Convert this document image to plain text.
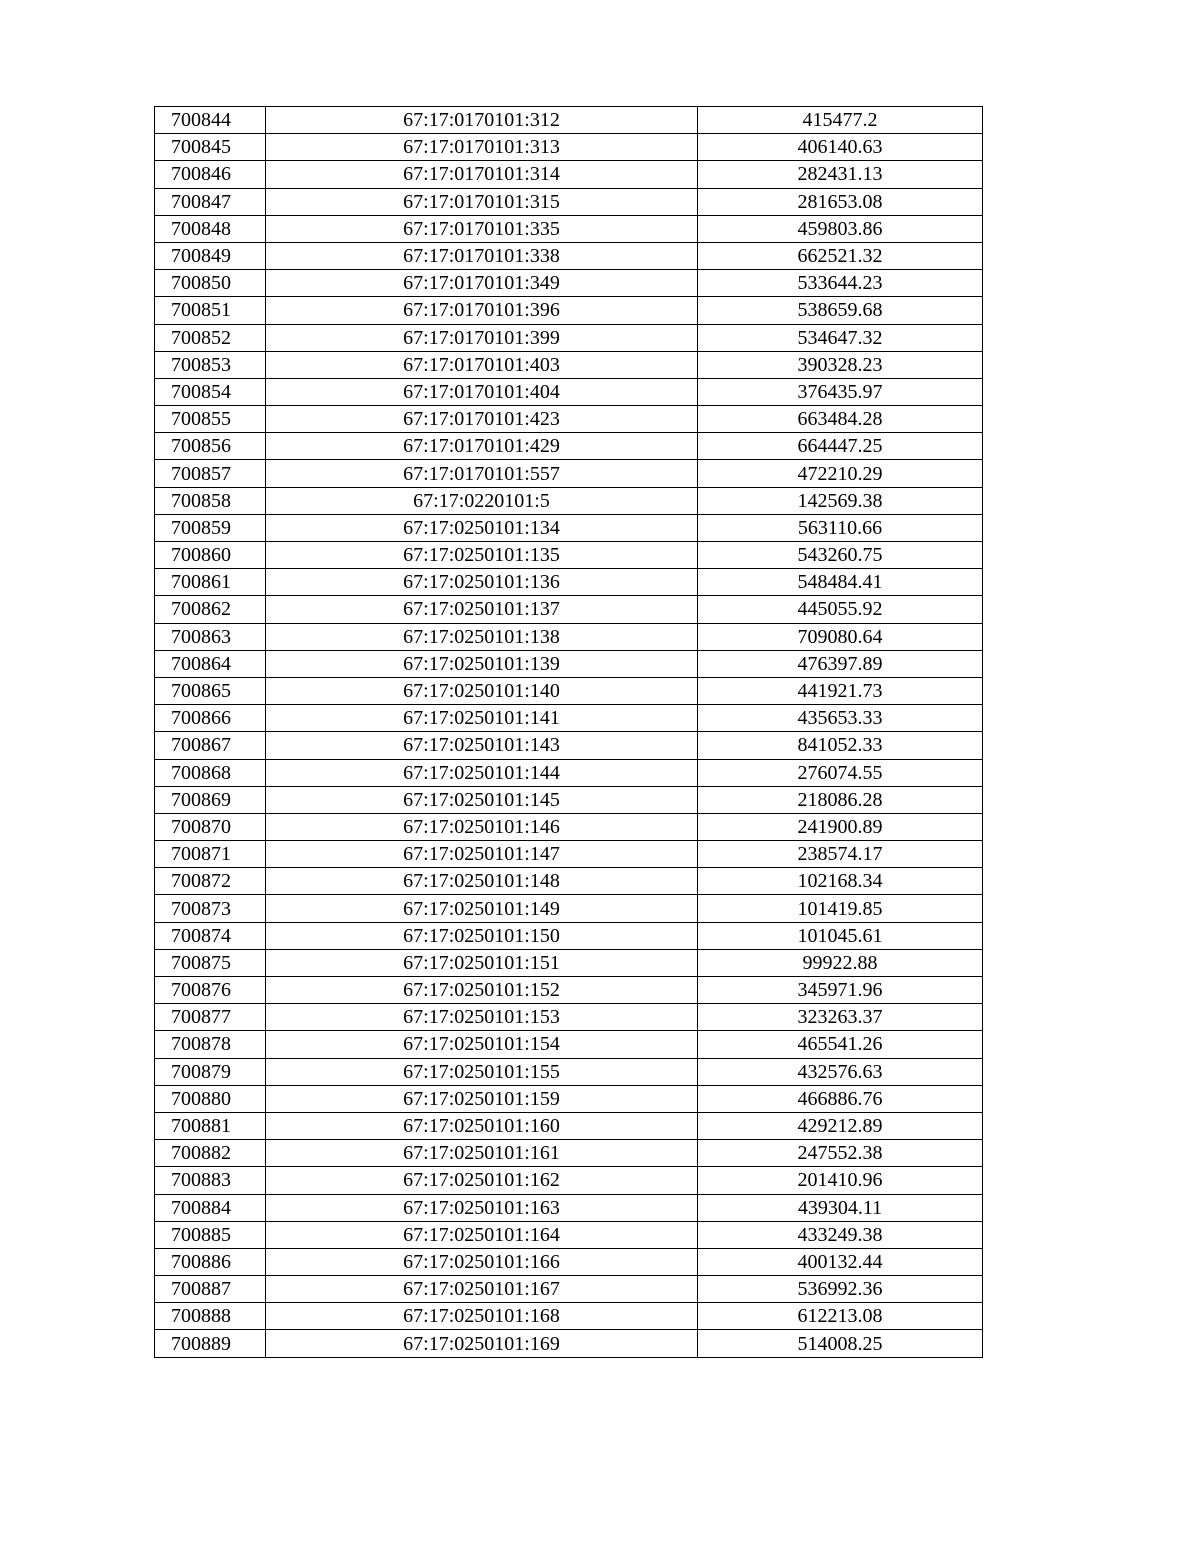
700844	67:17:0170101:312	415477.2
700845	67:17:0170101:313	406140.63
700846	67:17:0170101:314	282431.13
700847	67:17:0170101:315	281653.08
700848	67:17:0170101:335	459803.86
700849	67:17:0170101:338	662521.32
700850	67:17:0170101:349	533644.23
700851	67:17:0170101:396	538659.68
700852	67:17:0170101:399	534647.32
700853	67:17:0170101:403	390328.23
700854	67:17:0170101:404	376435.97
700855	67:17:0170101:423	663484.28
700856	67:17:0170101:429	664447.25
700857	67:17:0170101:557	472210.29
700858	67:17:0220101:5	142569.38
700859	67:17:0250101:134	563110.66
700860	67:17:0250101:135	543260.75
700861	67:17:0250101:136	548484.41
700862	67:17:0250101:137	445055.92
700863	67:17:0250101:138	709080.64
700864	67:17:0250101:139	476397.89
700865	67:17:0250101:140	441921.73
700866	67:17:0250101:141	435653.33
700867	67:17:0250101:143	841052.33
700868	67:17:0250101:144	276074.55
700869	67:17:0250101:145	218086.28
700870	67:17:0250101:146	241900.89
700871	67:17:0250101:147	238574.17
700872	67:17:0250101:148	102168.34
700873	67:17:0250101:149	101419.85
700874	67:17:0250101:150	101045.61
700875	67:17:0250101:151	99922.88
700876	67:17:0250101:152	345971.96
700877	67:17:0250101:153	323263.37
700878	67:17:0250101:154	465541.26
700879	67:17:0250101:155	432576.63
700880	67:17:0250101:159	466886.76
700881	67:17:0250101:160	429212.89
700882	67:17:0250101:161	247552.38
700883	67:17:0250101:162	201410.96
700884	67:17:0250101:163	439304.11
700885	67:17:0250101:164	433249.38
700886	67:17:0250101:166	400132.44
700887	67:17:0250101:167	536992.36
700888	67:17:0250101:168	612213.08
700889	67:17:0250101:169	514008.25
